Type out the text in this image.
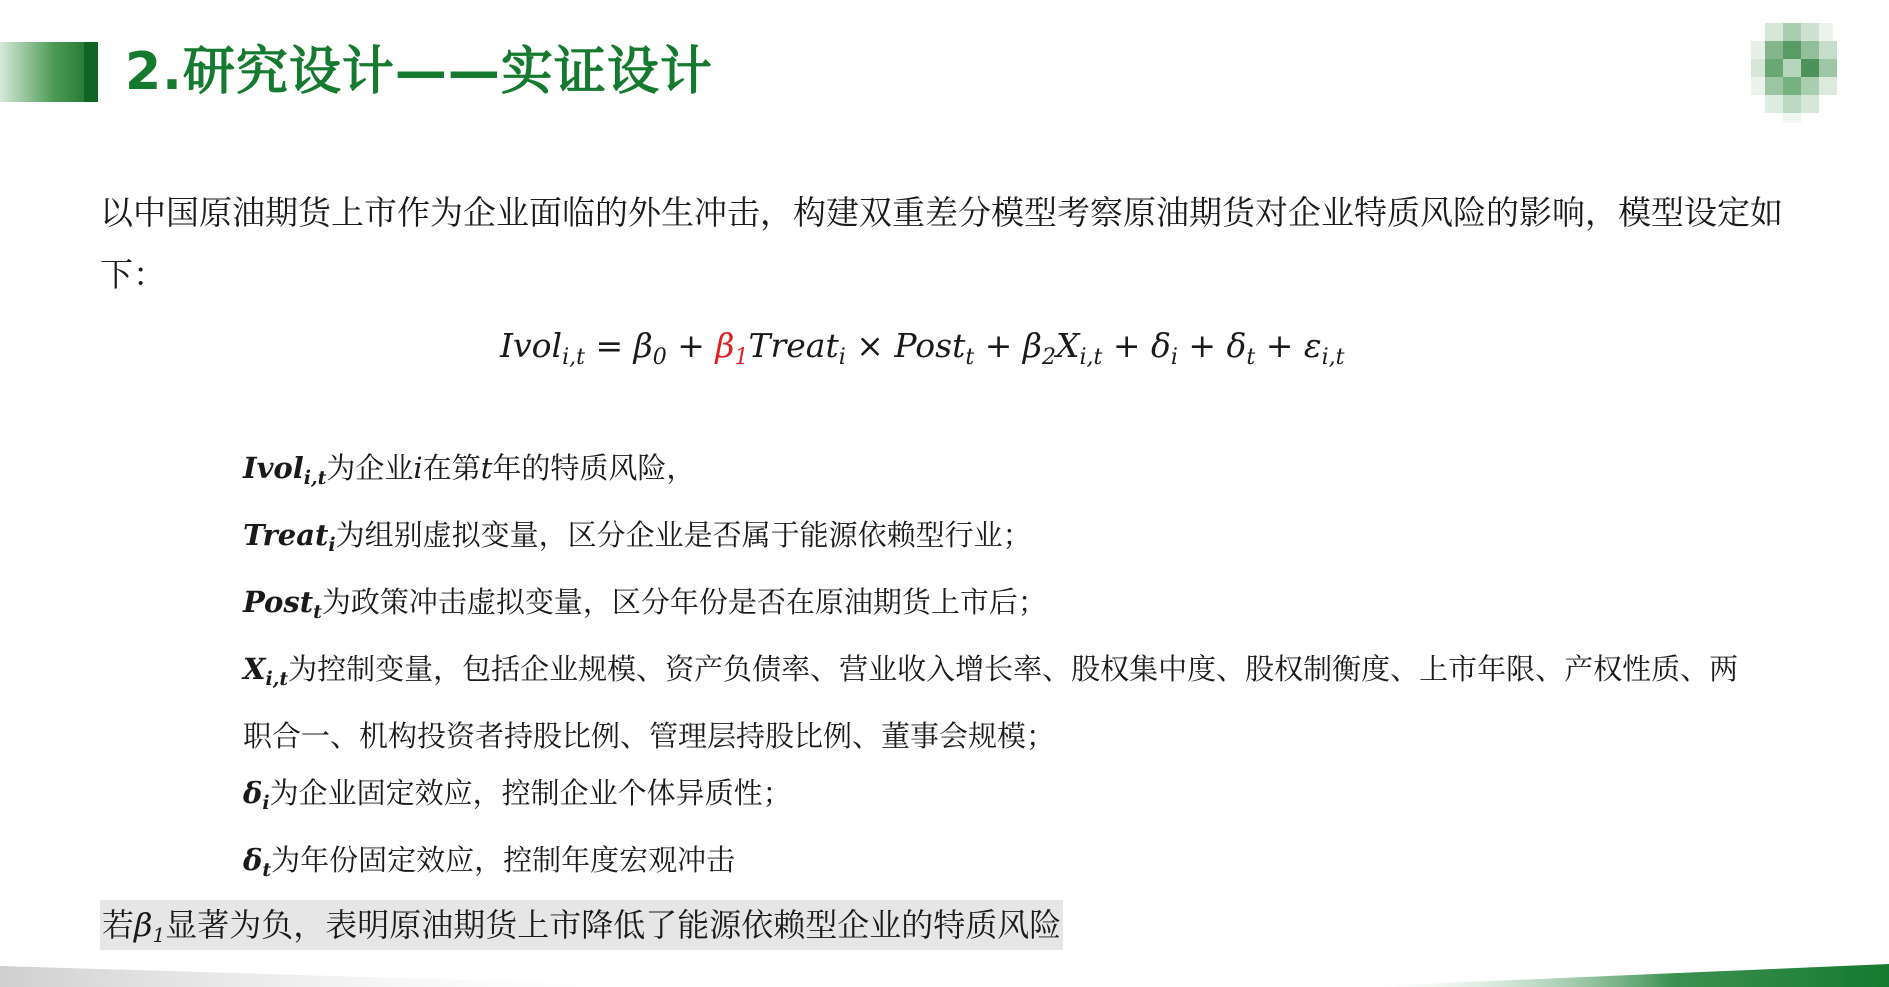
2.研究设计——实证设计

以中国原油期货上市作为企业面临的外生冲击，构建双重差分模型考察原油期货对企业特质风险的影响，模型设定如下：

Ivol$_{i,t}$ = $\beta_0$ + $\beta_1Treat_i$ × Post$_t$ + $\beta_2X_{i,t} + \delta_i + \delta_t + \varepsilon_{i,t}$
Ivol$_{i,t}$为企业i在第t年的特质风险，
Treat$_i$为组别虚拟变量，区分企业是否属于能源依赖型行业；
Post$_t$为政策冲击虚拟变量，区分年份是否在原油期货上市后；
$X_{i,t}$为控制变量，包括企业规模、资产负债率、营业收入增长率、股权集中度、股权制衡度、上市年限、产权性质、两职合一、机构投资者持股比例、管理层持股比例、董事会规模；
$\delta_i$为企业固定效应，控制企业个体异质性；
$\delta_t$为年份固定效应，控制年度宏观冲击
若$\beta_1$显著为负，表明原油期货上市降低了能源依赖型企业的特质风险
